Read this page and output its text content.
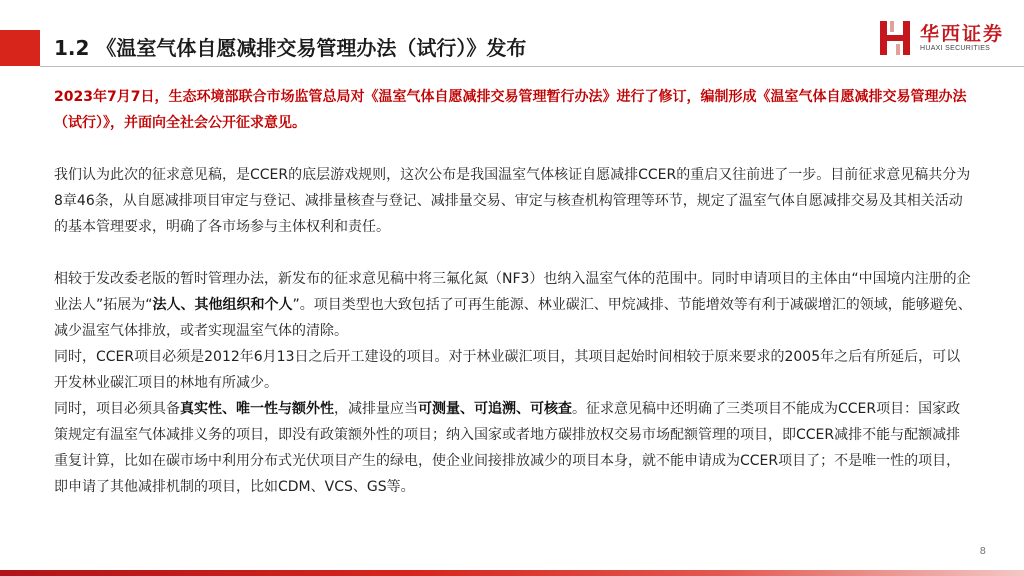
1.2 《温室气体自愿减排交易管理办法（试行）》发布
华西证券
HUAXI SECURITIES

2023年7月7日，生态环境部联合市场监管总局对《温室气体自愿减排交易管理暂行办法》进行了修订，编制形成《温室气体自愿减排交易管理办法（试行）》，并面向全社会公开征求意见。

我们认为此次的征求意见稿，是CCER的底层游戏规则，这次公布是我国温室气体核证自愿减排CCER的重启又往前进了一步。目前征求意见稿共分为8章46条，从自愿减排项目审定与登记、减排量核查与登记、减排量交易、审定与核查机构管理等环节，规定了温室气体自愿减排交易及其相关活动的基本管理要求，明确了各市场参与主体权利和责任。

相较于发改委老版的暂时管理办法，新发布的征求意见稿中将三氟化氮（NF3）也纳入温室气体的范围中。同时申请项目的主体由“中国境内注册的企业法人”拓展为“法人、其他组织和个人”。项目类型也大致包括了可再生能源、林业碳汇、甲烷减排、节能增效等有利于减碳增汇的领域，能够避免、减少温室气体排放，或者实现温室气体的清除。

同时，CCER项目必须是2012年6月13日之后开工建设的项目。对于林业碳汇项目，其项目起始时间相较于原来要求的2005年之后有所延后，可以开发林业碳汇项目的林地有所减少。

同时，项目必须具备真实性、唯一性与额外性，减排量应当可测量、可追溯、可核查。征求意见稿中还明确了三类项目不能成为CCER项目：国家政策规定有温室气体减排义务的项目，即没有政策额外性的项目；纳入国家或者地方碳排放权交易市场配额管理的项目，即CCER减排不能与配额减排重复计算，比如在碳市场中利用分布式光伏项目产生的绿电，使企业间接排放减少的项目本身，就不能申请成为CCER项目了；不是唯一性的项目，即申请了其他减排机制的项目，比如CDM、VCS、GS等。

8
